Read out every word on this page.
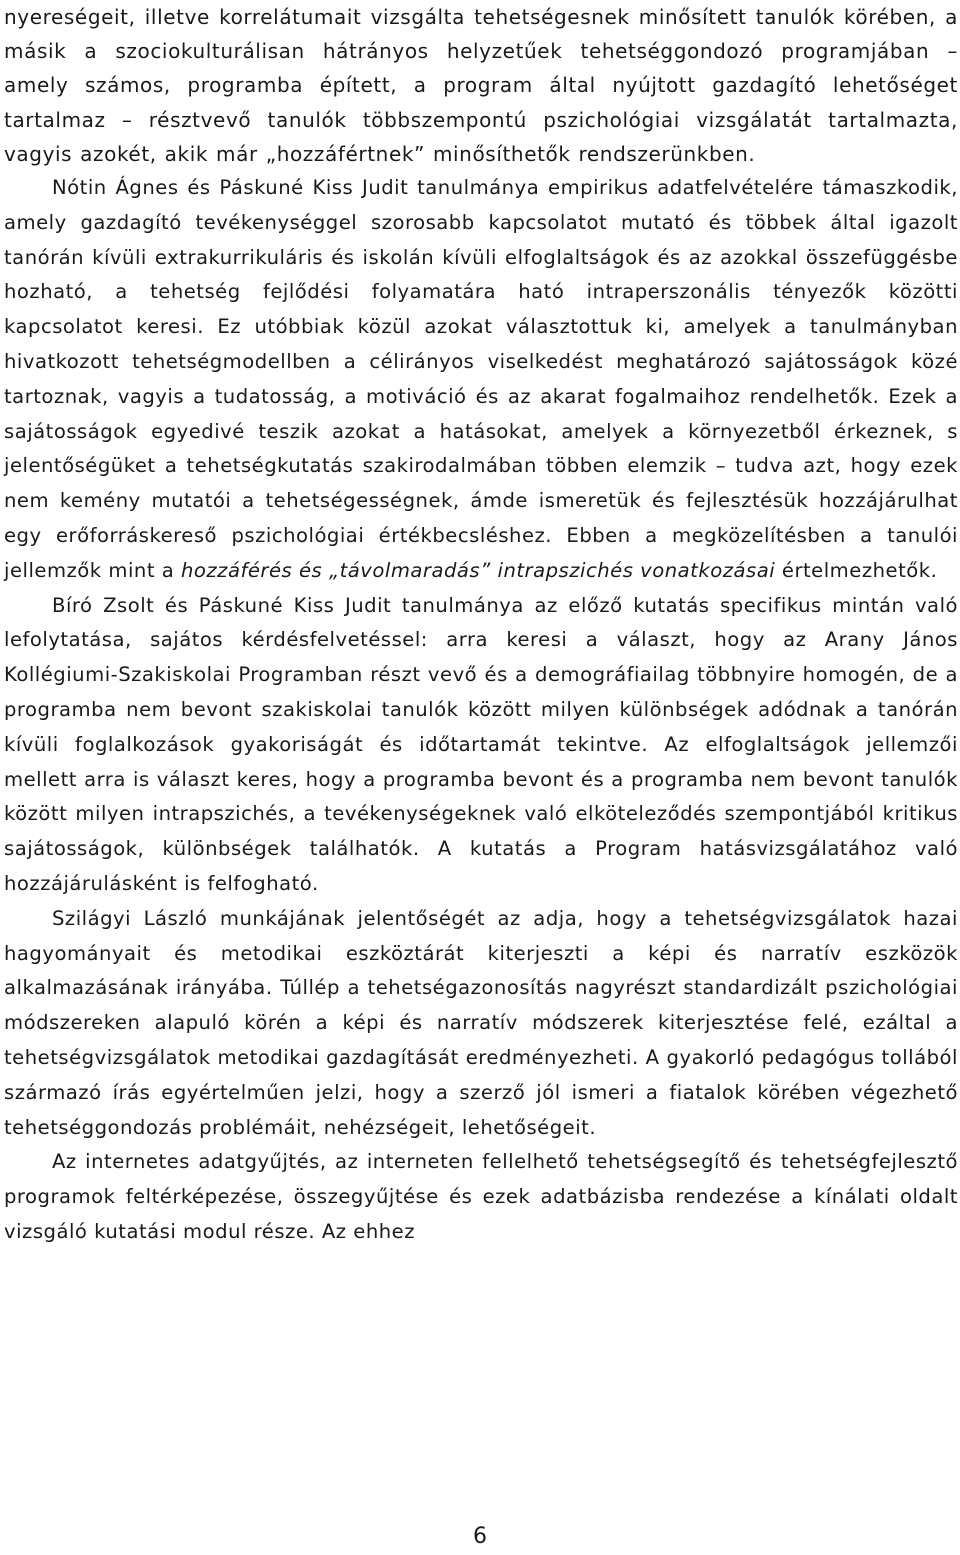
nyereségeit, illetve korrelátumait vizsgálta tehetségesnek minősített tanulók körében, a másik a szociokulturálisan hátrányos helyzetűek tehetséggondozó programjában – amely számos, programba épített, a program által nyújtott gazdagító lehetőséget tartalmaz – résztvevő tanulók többszempontú pszichológiai vizsgálatát tartalmazta, vagyis azokét, akik már „hozzáfértnek” minősíthetők rendszerünkben.

Nótin Ágnes és Páskuné Kiss Judit tanulmánya empirikus adatfelvételére támaszkodik, amely gazdagító tevékenységgel szorosabb kapcsolatot mutató és többek által igazolt tanórán kívüli extrakurrikuláris és iskolán kívüli elfoglaltságok és az azokkal összefüggésbe hozható, a tehetség fejlődési folyamatára ható intraperszonális tényezők közötti kapcsolatot keresi. Ez utóbbiak közül azokat választottuk ki, amelyek a tanulmányban hivatkozott tehetségmodellben a célirányos viselkedést meghatározó sajátosságok közé tartoznak, vagyis a tudatosság, a motiváció és az akarat fogalmaihoz rendelhetők. Ezek a sajátosságok egyedivé teszik azokat a hatásokat, amelyek a környezetből érkeznek, s jelentőségüket a tehetségkutatás szakirodalmában többen elemzik – tudva azt, hogy ezek nem kemény mutatói a tehetségességnek, ámde ismeretük és fejlesztésük hozzájárulhat egy erőforráskereső pszichológiai értékbecsléshez. Ebben a megközelítésben a tanulói jellemzők mint a hozzáférés és „távolmaradás” intrapszichés vonatkozásai értelmezhetők.

Bíró Zsolt és Páskuné Kiss Judit tanulmánya az előző kutatás specifikus mintán való lefolytatása, sajátos kérdésfelvetéssel: arra keresi a választ, hogy az Arany János Kollégiumi-Szakiskolai Programban részt vevő és a demográfiailag többnyire homogén, de a programba nem bevont szakiskolai tanulók között milyen különbségek adódnak a tanórán kívüli foglalkozások gyakoriságát és időtartamát tekintve. Az elfoglaltságok jellemzői mellett arra is választ keres, hogy a programba bevont és a programba nem bevont tanulók között milyen intrapszichés, a tevékenységeknek való elköteleződés szempontjából kritikus sajátosságok, különbségek találhatók. A kutatás a Program hatásvizsgálatához való hozzájárulásként is felfogható.

Szilágyi László munkájának jelentőségét az adja, hogy a tehetségvizsgálatok hazai hagyományait és metodikai eszköztárát kiterjeszti a képi és narratív eszközök alkalmazásának irányába. Túllép a tehetségazonosítás nagyrészt standardizált pszichológiai módszereken alapuló körén a képi és narratív módszerek kiterjesztése felé, ezáltal a tehetségvizsgálatok metodikai gazdagítását eredményezheti. A gyakorló pedagógus tollából származó írás egyértelműen jelzi, hogy a szerző jól ismeri a fiatalok körében végezhető tehetséggondozás problémáit, nehézségeit, lehetőségeit.

Az internetes adatgyűjtés, az interneten fellelhető tehetségsegítő és tehetségfejlesztő programok feltérképezése, összegyűjtése és ezek adatbázisba rendezése a kínálati oldalt vizsgáló kutatási modul része. Az ehhez

6
